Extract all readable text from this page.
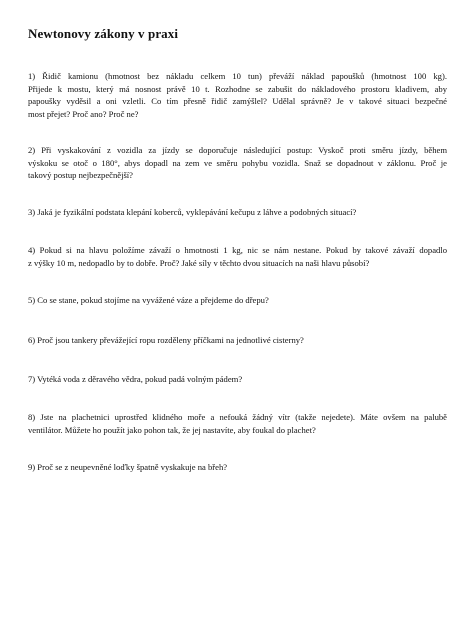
Newtonovy zákony v praxi
1) Řidič kamionu (hmotnost bez nákladu celkem 10 tun) převáží náklad papoušků (hmotnost 100 kg).
Přijede k mostu, který má nosnost právě 10 t. Rozhodne se zabušit do nákladového prostoru kladivem, aby
papoušky vyděsil a oni vzletli. Co tím přesně řidič zamýšlel? Udělal správně? Je v takové situaci bezpečné
most přejet? Proč ano? Proč ne?
2) Při vyskakování z vozidla za jízdy se doporučuje následující postup: Vyskoč proti směru jízdy, během
výskoku se otoč o 180°, abys dopadl na zem ve směru pohybu vozidla. Snaž se dopadnout v záklonu. Proč je
takový postup nejbezpečnější?
3) Jaká je fyzikální podstata klepání koberců, vyklepávání kečupu z láhve a podobných situací?
4) Pokud si na hlavu položíme závaží o hmotnosti 1 kg, nic se nám nestane. Pokud by takové závaží dopadlo
z výšky 10 m, nedopadlo by to dobře. Proč? Jaké síly v těchto dvou situacích na naši hlavu působí?
5) Co se stane, pokud stojíme na vyvážené váze a přejdeme do dřepu?
6) Proč jsou tankery převážející ropu rozděleny příčkami na jednotlivé cisterny?
7) Vytéká voda z děravého vědra, pokud padá volným pádem?
8) Jste na plachetnici uprostřed klidného moře a nefouká žádný vítr (takže nejedete). Máte ovšem na palubě
ventilátor. Můžete ho použít jako pohon tak, že jej nastavíte, aby foukal do plachet?
9) Proč se z neupevněné loďky špatně vyskakuje na břeh?
